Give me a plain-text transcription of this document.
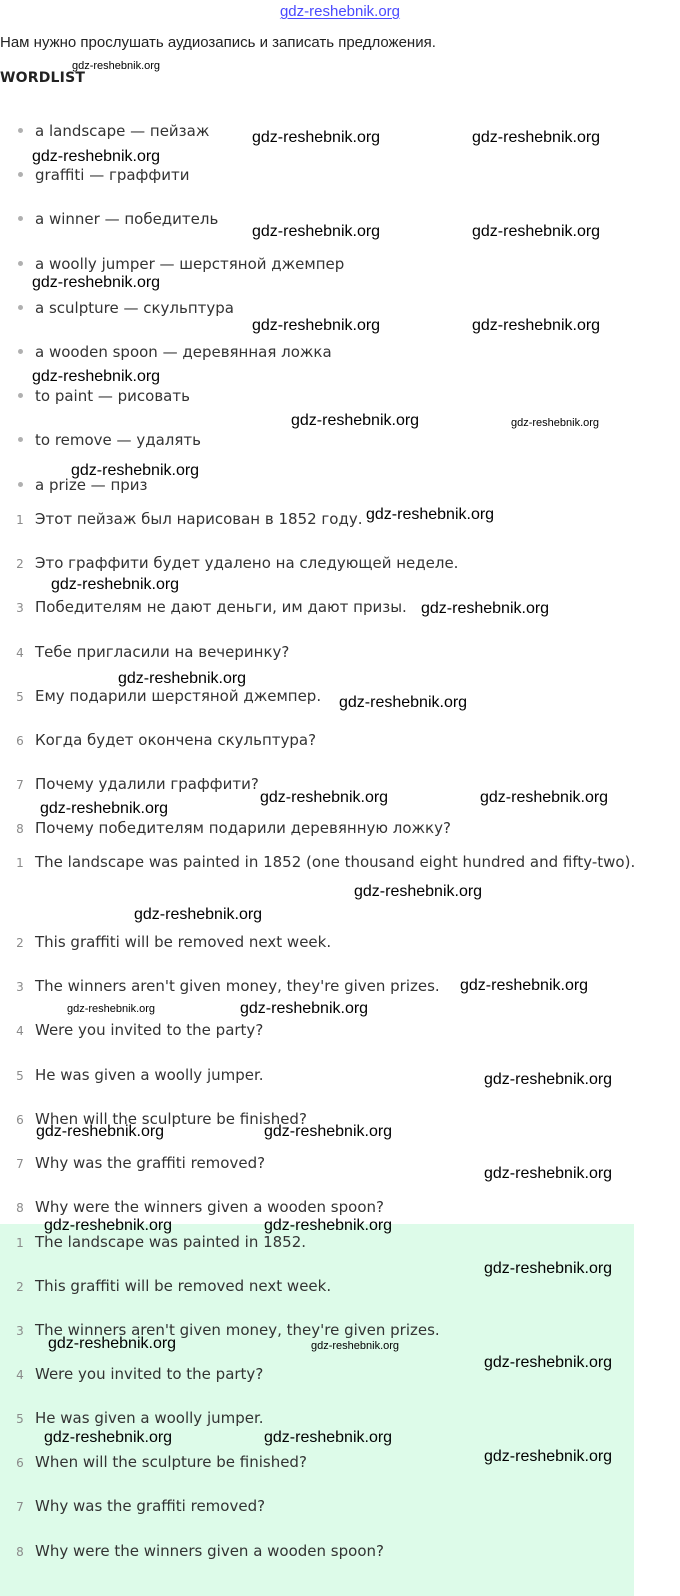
gdz-reshebnik.org
Нам нужно прослушать аудиозапись и записать предложения.
WORDLIST
a landscape — пейзаж
graffiti — граффити
a winner — победитель
a woolly jumper — шерстяной джемпер
a sculpture — скульптура
a wooden spoon — деревянная ложка
to paint — рисовать
to remove — удалять
a prize — приз
1 Этот пейзаж был нарисован в 1852 году.
2 Это граффити будет удалено на следующей неделе.
3 Победителям не дают деньги, им дают призы.
4 Тебе пригласили на вечеринку?
5 Ему подарили шерстяной джемпер.
6 Когда будет окончена скульптура?
7 Почему удалили граффити?
8 Почему победителям подарили деревянную ложку?
1 The landscape was painted in 1852 (one thousand eight hundred and fifty-two).
2 This graffiti will be removed next week.
3 The winners aren't given money, they're given prizes.
4 Were you invited to the party?
5 He was given a woolly jumper.
6 When will the sculpture be finished?
7 Why was the graffiti removed?
8 Why were the winners given a wooden spoon?
1 The landscape was painted in 1852.
2 This graffiti will be removed next week.
3 The winners aren't given money, they're given prizes.
4 Were you invited to the party?
5 He was given a woolly jumper.
6 When will the sculpture be finished?
7 Why was the graffiti removed?
8 Why were the winners given a wooden spoon?
gdz-reshebnik.org
gdz-reshebnik.org	gdz-reshebnik.org
gdz-reshebnik.org
gdz-reshebnik.org	gdz-reshebnik.org
gdz-reshebnik.org
gdz-reshebnik.org	gdz-reshebnik.org
gdz-reshebnik.org
gdz-reshebnik.org	gdz-reshebnik.org
gdz-reshebnik.org
gdz-reshebnik.org
gdz-reshebnik.org
gdz-reshebnik.org
gdz-reshebnik.org
gdz-reshebnik.org
gdz-reshebnik.org	gdz-reshebnik.org
gdz-reshebnik.org
gdz-reshebnik.org
gdz-reshebnik.org
gdz-reshebnik.org
gdz-reshebnik.org	gdz-reshebnik.org
gdz-reshebnik.org
gdz-reshebnik.org	gdz-reshebnik.org
gdz-reshebnik.org
gdz-reshebnik.org	gdz-reshebnik.org
gdz-reshebnik.org
gdz-reshebnik.org	gdz-reshebnik.org
gdz-reshebnik.org
gdz-reshebnik.org	gdz-reshebnik.org
gdz-reshebnik.org
